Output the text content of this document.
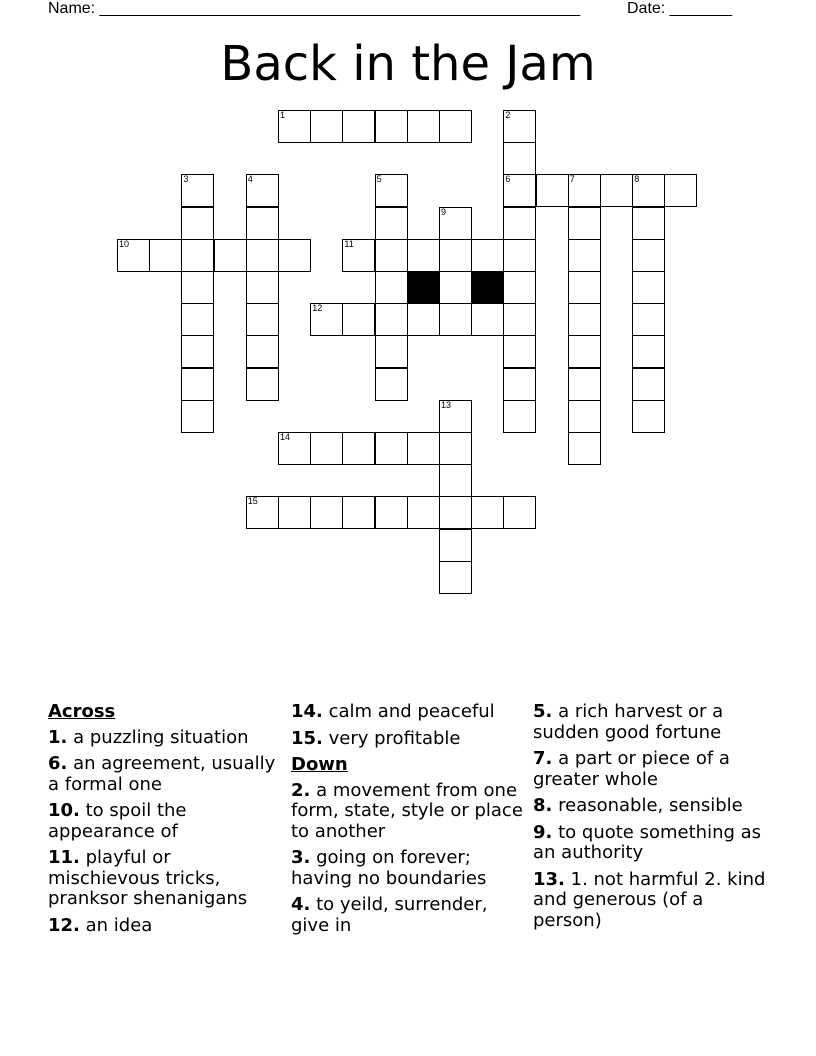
Name: ______________________________________________________	Date: _______
Back in the Jam
1	2
6
3	4	5	7	8
9
10	11
12
13
14
15
Across
1. a puzzling situation
6. an agreement, usually a formal one
10. to spoil the appearance of
11. playful or mischievous tricks, pranksor shenanigans
12. an idea
14. calm and peaceful
15. very profitable
Down
2. a movement from one form, state, style or place to another
3. going on forever; having no boundaries
4. to yeild, surrender, give in
5. a rich harvest or a sudden good fortune
7. a part or piece of a greater whole
8. reasonable, sensible
9. to quote something as an authority
13. 1. not harmful 2. kind and generous (of a person)
